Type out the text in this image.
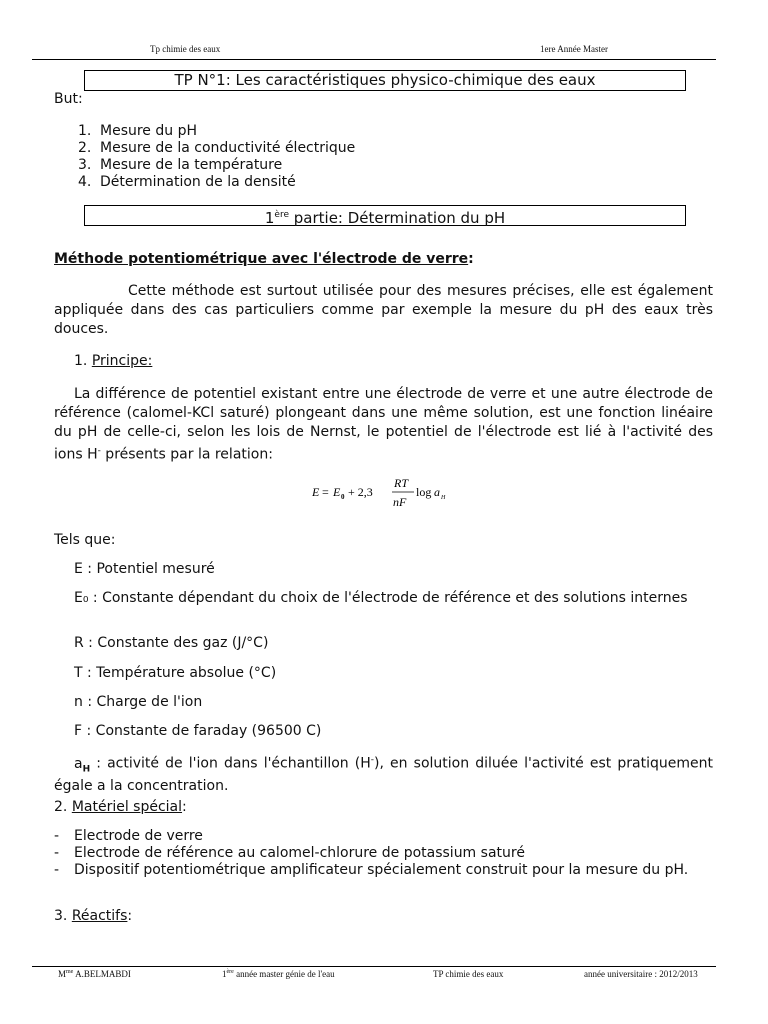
Tp chimie des eaux	1ere Année Master
TP N°1: Les caractéristiques physico-chimique des eaux
But:
1. Mesure du pH
2. Mesure de la conductivité électrique
3. Mesure de la température
4. Détermination de la densité
1ère partie: Détermination du pH
Méthode potentiométrique avec l'électrode de verre:
Cette méthode est surtout utilisée pour des mesures précises, elle est également appliquée dans des cas particuliers comme par exemple la mesure du pH des eaux très douces.
1. Principe:
La différence de potentiel existant entre une électrode de verre et une autre électrode de référence (calomel-KCl saturé) plongeant dans une même solution, est une fonction linéaire du pH de celle-ci, selon les lois de Nernst, le potentiel de l'électrode est lié à l'activité des ions H- présents par la relation:
E = E 0 + 2,3
RT
nF
log a H
Tels que:
E : Potentiel mesuré
E₀ : Constante dépendant du choix de l'électrode de référence et des solutions internes
R : Constante des gaz (J/°C)
T : Température absolue (°C)
n : Charge de l'ion
F : Constante de faraday (96500 C)
$a_H$ : activité de l'ion dans l'échantillon (H-), en solution diluée l'activité est pratiquement égale a la concentration.
2. Matériel spécial:
- Electrode de verre
- Electrode de référence au calomel-chlorure de potassium saturé
- Dispositif potentiométrique amplificateur spécialement construit pour la mesure du pH.
3. Réactifs:
$M^{me}$ A.BELMABDI	1ère année master génie de l'eau	TP chimie des eaux	année universitaire : 2012/2013
